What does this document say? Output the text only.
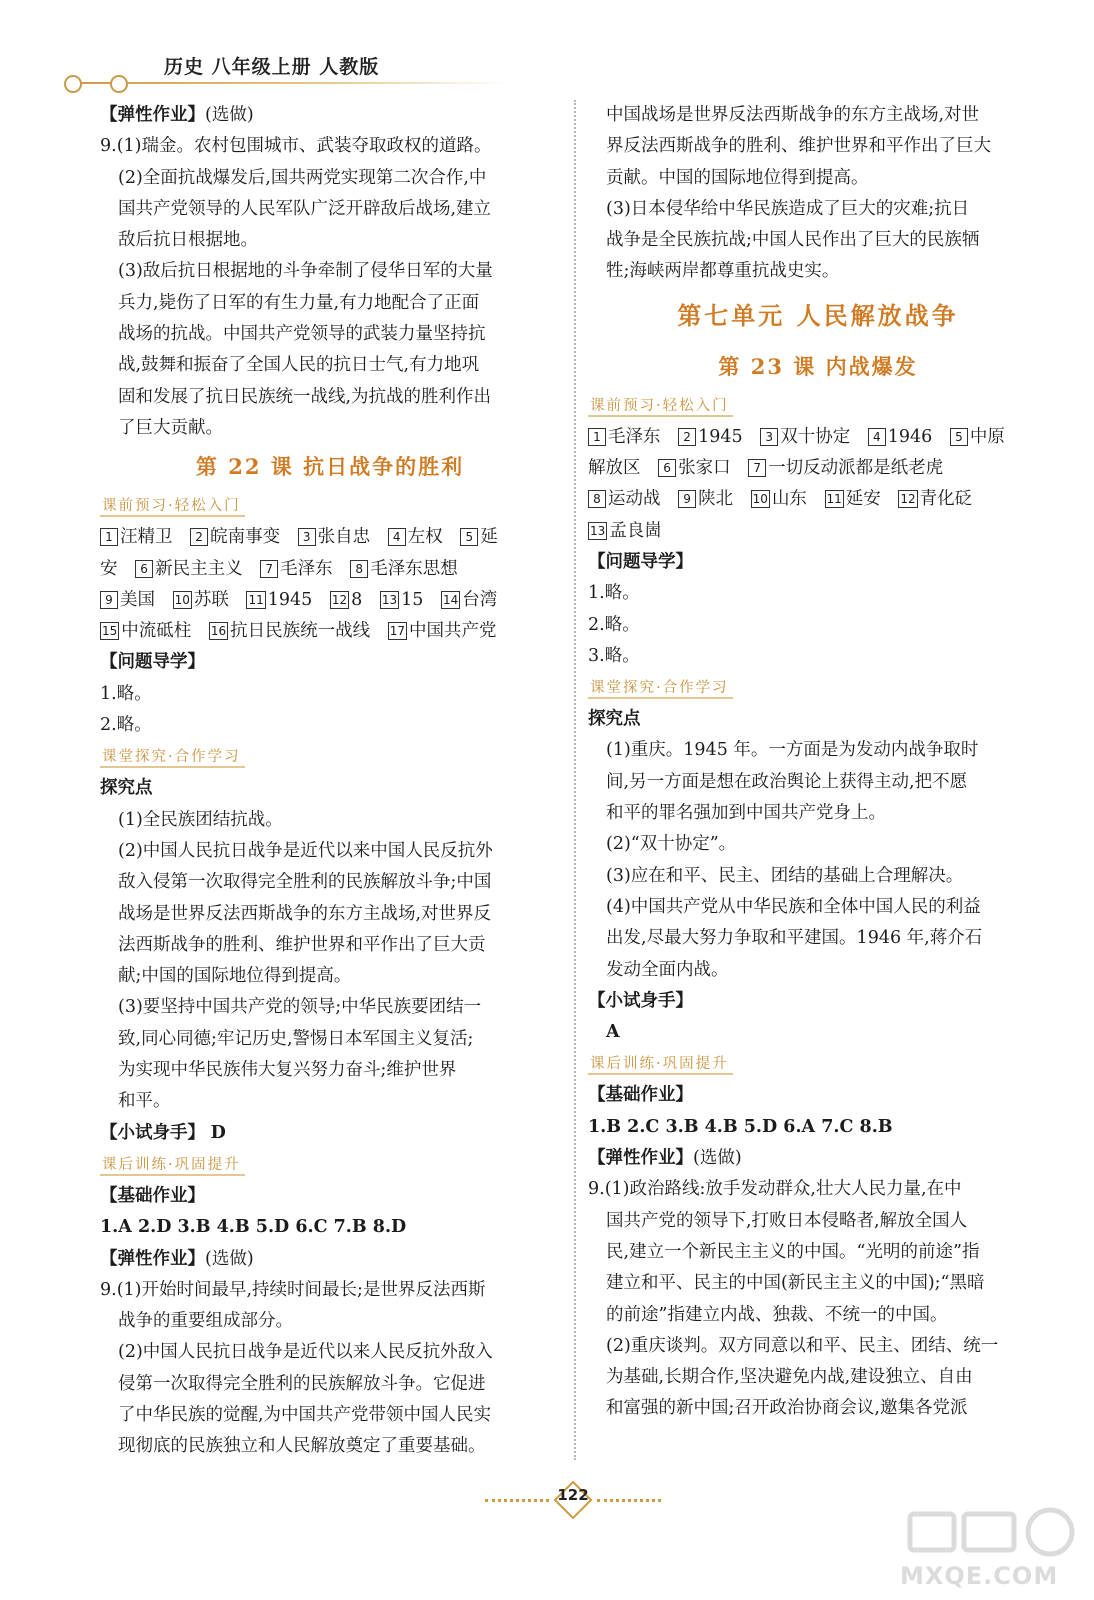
历史 八年级上册 人教版
【弹性作业】(选做)
9.(1)瑞金。农村包围城市、武装夺取政权的道路。
(2)全面抗战爆发后,国共两党实现第二次合作,中
国共产党领导的人民军队广泛开辟敌后战场,建立
敌后抗日根据地。
(3)敌后抗日根据地的斗争牵制了侵华日军的大量
兵力,毙伤了日军的有生力量,有力地配合了正面
战场的抗战。中国共产党领导的武装力量坚持抗
战,鼓舞和振奋了全国人民的抗日士气,有力地巩
固和发展了抗日民族统一战线,为抗战的胜利作出
了巨大贡献。
第 22 课 抗日战争的胜利
课前预习·轻松入门
1 汪精卫 2 皖南事变 3 张自忠 4 左权 5 延
安 6 新民主主义 7 毛泽东 8 毛泽东思想
9 美国 10 苏联 11 1945 12 8 13 15 14 台湾
15 中流砥柱 16 抗日民族统一战线 17 中国共产党
【问题导学】
1.略。
2.略。
课堂探究·合作学习
探究点
(1)全民族团结抗战。
(2)中国人民抗日战争是近代以来中国人民反抗外
敌入侵第一次取得完全胜利的民族解放斗争;中国
战场是世界反法西斯战争的东方主战场,对世界反
法西斯战争的胜利、维护世界和平作出了巨大贡
献;中国的国际地位得到提高。
(3)要坚持中国共产党的领导;中华民族要团结一
致,同心同德;牢记历史,警惕日本军国主义复活;
为实现中华民族伟大复兴努力奋斗;维护世界
和平。
【小试身手】 D
课后训练·巩固提升
【基础作业】
1.A 2.D 3.B 4.B 5.D 6.C 7.B 8.D
【弹性作业】(选做)
9.(1)开始时间最早,持续时间最长;是世界反法西斯
战争的重要组成部分。
(2)中国人民抗日战争是近代以来人民反抗外敌入
侵第一次取得完全胜利的民族解放斗争。它促进
了中华民族的觉醒,为中国共产党带领中国人民实
现彻底的民族独立和人民解放奠定了重要基础。
中国战场是世界反法西斯战争的东方主战场,对世
界反法西斯战争的胜利、维护世界和平作出了巨大
贡献。中国的国际地位得到提高。
(3)日本侵华给中华民族造成了巨大的灾难;抗日
战争是全民族抗战;中国人民作出了巨大的民族牺
牲;海峡两岸都尊重抗战史实。
第七单元 人民解放战争
第 23 课 内战爆发
课前预习·轻松入门
1 毛泽东 2 1945 3 双十协定 4 1946 5 中原
解放区 6 张家口 7 一切反动派都是纸老虎
8 运动战 9 陕北 10 山东 11 延安 12 青化砭
13 孟良崮
【问题导学】
1.略。
2.略。
3.略。
课堂探究·合作学习
探究点
(1)重庆。1945 年。一方面是为发动内战争取时
间,另一方面是想在政治舆论上获得主动,把不愿
和平的罪名强加到中国共产党身上。
(2)“双十协定”。
(3)应在和平、民主、团结的基础上合理解决。
(4)中国共产党从中华民族和全体中国人民的利益
出发,尽最大努力争取和平建国。1946 年,蒋介石
发动全面内战。
【小试身手】
A
课后训练·巩固提升
【基础作业】
1.B 2.C 3.B 4.B 5.D 6.A 7.C 8.B
【弹性作业】(选做)
9.(1)政治路线:放手发动群众,壮大人民力量,在中
国共产党的领导下,打败日本侵略者,解放全国人
民,建立一个新民主主义的中国。“光明的前途”指
建立和平、民主的中国(新民主主义的中国);“黑暗
的前途”指建立内战、独裁、不统一的中国。
(2)重庆谈判。双方同意以和平、民主、团结、统一
为基础,长期合作,坚决避免内战,建设独立、自由
和富强的新中国;召开政治协商会议,邀集各党派
122
MXQE.COM
